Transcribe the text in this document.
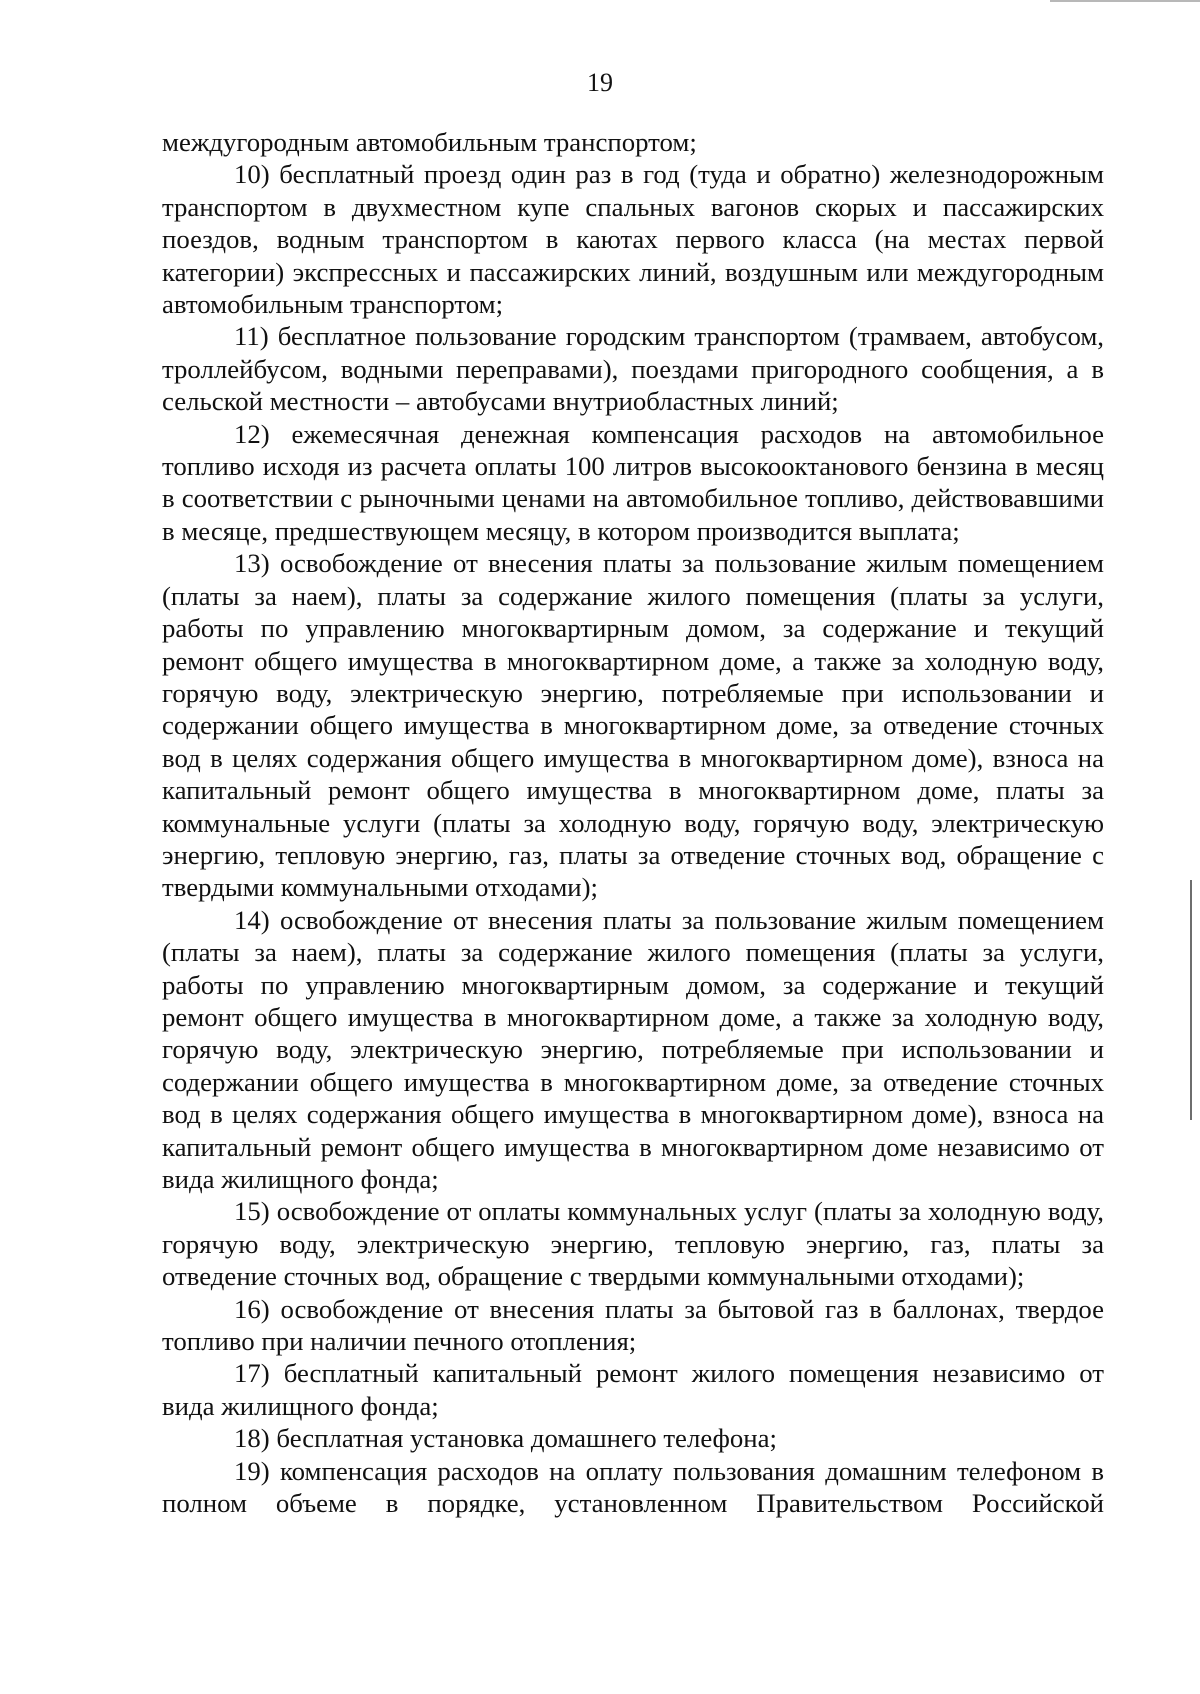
19

междугородным автомобильным транспортом;

10) бесплатный проезд один раз в год (туда и обратно) железнодорожным транспортом в двухместном купе спальных вагонов скорых и пассажирских поездов, водным транспортом в каютах первого класса (на местах первой категории) экспрессных и пассажирских линий, воздушным или междугородным автомобильным транспортом;

11) бесплатное пользование городским транспортом (трамваем, автобусом, троллейбусом, водными переправами), поездами пригородного сообщения, а в сельской местности – автобусами внутриобластных линий;

12) ежемесячная денежная компенсация расходов на автомобильное топливо исходя из расчета оплаты 100 литров высокооктанового бензина в месяц в соответствии с рыночными ценами на автомобильное топливо, действовавшими в месяце, предшествующем месяцу, в котором производится выплата;

13) освобождение от внесения платы за пользование жилым помещением (платы за наем), платы за содержание жилого помещения (платы за услуги, работы по управлению многоквартирным домом, за содержание и текущий ремонт общего имущества в многоквартирном доме, а также за холодную воду, горячую воду, электрическую энергию, потребляемые при использовании и содержании общего имущества в многоквартирном доме, за отведение сточных вод в целях содержания общего имущества в многоквартирном доме), взноса на капитальный ремонт общего имущества в многоквартирном доме, платы за коммунальные услуги (платы за холодную воду, горячую воду, электрическую энергию, тепловую энергию, газ, платы за отведение сточных вод, обращение с твердыми коммунальными отходами);

14) освобождение от внесения платы за пользование жилым помещением (платы за наем), платы за содержание жилого помещения (платы за услуги, работы по управлению многоквартирным домом, за содержание и текущий ремонт общего имущества в многоквартирном доме, а также за холодную воду, горячую воду, электрическую энергию, потребляемые при использовании и содержании общего имущества в многоквартирном доме, за отведение сточных вод в целях содержания общего имущества в многоквартирном доме), взноса на капитальный ремонт общего имущества в многоквартирном доме независимо от вида жилищного фонда;

15) освобождение от оплаты коммунальных услуг (платы за холодную воду, горячую воду, электрическую энергию, тепловую энергию, газ, платы за отведение сточных вод, обращение с твердыми коммунальными отходами);

16) освобождение от внесения платы за бытовой газ в баллонах, твердое топливо при наличии печного отопления;

17) бесплатный капитальный ремонт жилого помещения независимо от вида жилищного фонда;

18) бесплатная установка домашнего телефона;

19) компенсация расходов на оплату пользования домашним телефоном в полном объеме в порядке, установленном Правительством Российской
